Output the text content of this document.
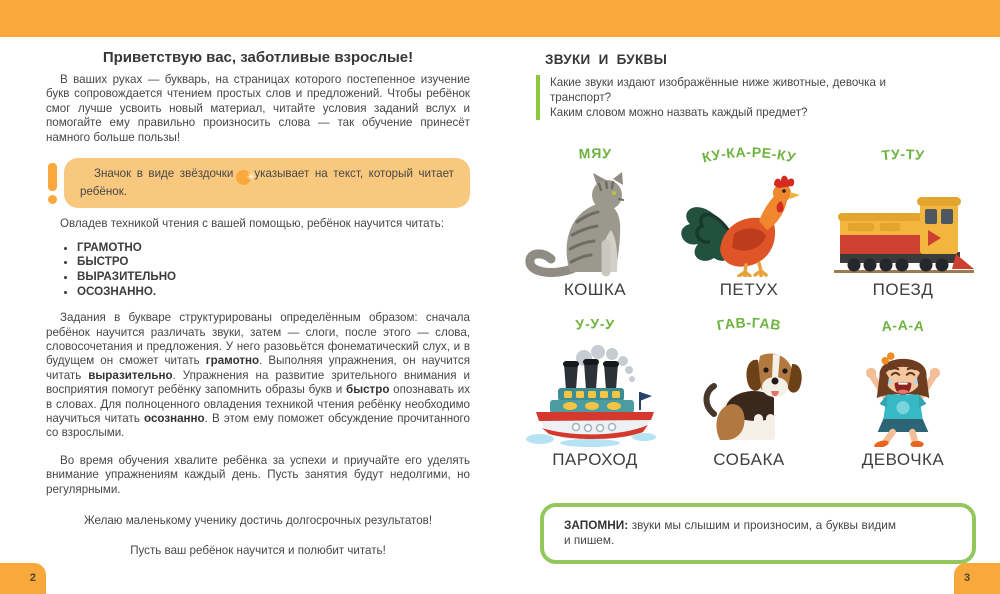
Приветствую вас, заботливые взрослые!

В ваших руках — букварь, на страницах которого постепенное изучение букв сопровождается чтением простых слов и предложений. Чтобы ребёнок смог лучше усвоить новый материал, читайте условия заданий вслух и помогайте ему правильно произносить слова — так обучение принесёт намного больше пользы!

Значок в виде звёздочки ✳указывает на текст, который читает ребёнок.

Овладев техникой чтения с вашей помощью, ребёнок научится читать:

• ГРАМОТНО
• БЫСТРО
• ВЫРАЗИТЕЛЬНО
• ОСОЗНАННО.

Задания в букваре структурированы определённым образом: сначала ребёнок научится различать звуки, затем — слоги, после этого — слова, словосочетания и предложения. У него разовьётся фонематический слух, и в будущем он сможет читать грамотно. Выполняя упражнения, он научится читать выразительно. Упражнения на развитие зрительного внимания и восприятия помогут ребёнку запомнить образы букв и быстро опознавать их в словах. Для полноценного овладения техникой чтения ребёнку необходимо научиться читать осознанно. В этом ему поможет обсуждение прочитанного со взрослыми.

Во время обучения хвалите ребёнка за успехи и приучайте его уделять внимание упражнениям каждый день. Пусть занятия будут недолгими, но регулярными.

Желаю маленькому ученику достичь долгосрочных результатов!

Пусть ваш ребёнок научится и полюбит читать!

ЗВУКИ И БУКВЫ

Какие звуки издают изображённые ниже животные, девочка и транспорт?

Каким словом можно назвать каждый предмет?

МЯУ
КОШКА
КУ-КА-РЕ-КУ
ПЕТУХ
ТУ-ТУ
ПОЕЗД
У-У-У
ПАРОХОД
ГАВ-ГАВ
СОБАКА
А-А-А
ДЕВОЧКА

ЗАПОМНИ: звуки мы слышим и произносим, а буквы видим и пишем.

2	3
